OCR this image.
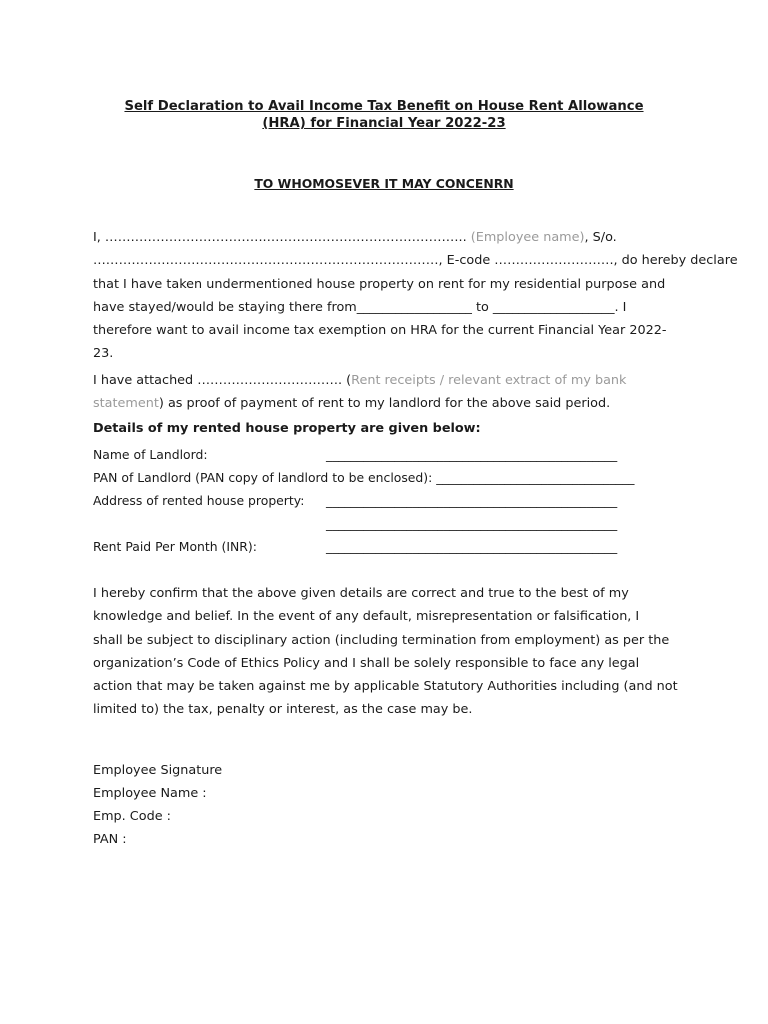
Self Declaration to Avail Income Tax Benefit on House Rent Allowance
(HRA) for Financial Year 2022-23
TO WHOMOSEVER IT MAY CONCENRN
I, ………………………………..……………………………………….. (Employee name), S/o.
………………………………………………………………………, E-code ………………………., do hereby declare
that I have taken undermentioned house property on rent for my residential purpose and
have stayed/would be staying there from__________________ to ___________________. I
therefore want to avail income tax exemption on HRA for the current Financial Year 2022-
23.
I have attached ……………………………. (Rent receipts / relevant extract of my bank
statement) as proof of payment of rent to my landlord for the above said period.
Details of my rented house property are given below:
Name of Landlord:	_______________________________________________
PAN of Landlord (PAN copy of landlord to be enclosed): ________________________________
Address of rented house property: _______________________________________________
_______________________________________________
Rent Paid Per Month (INR):	_______________________________________________
I hereby confirm that the above given details are correct and true to the best of my
knowledge and belief. In the event of any default, misrepresentation or falsification, I
shall be subject to disciplinary action (including termination from employment) as per the
organization’s Code of Ethics Policy and I shall be solely responsible to face any legal
action that may be taken against me by applicable Statutory Authorities including (and not
limited to) the tax, penalty or interest, as the case may be.
Employee Signature
Employee Name :
Emp. Code :
PAN :
